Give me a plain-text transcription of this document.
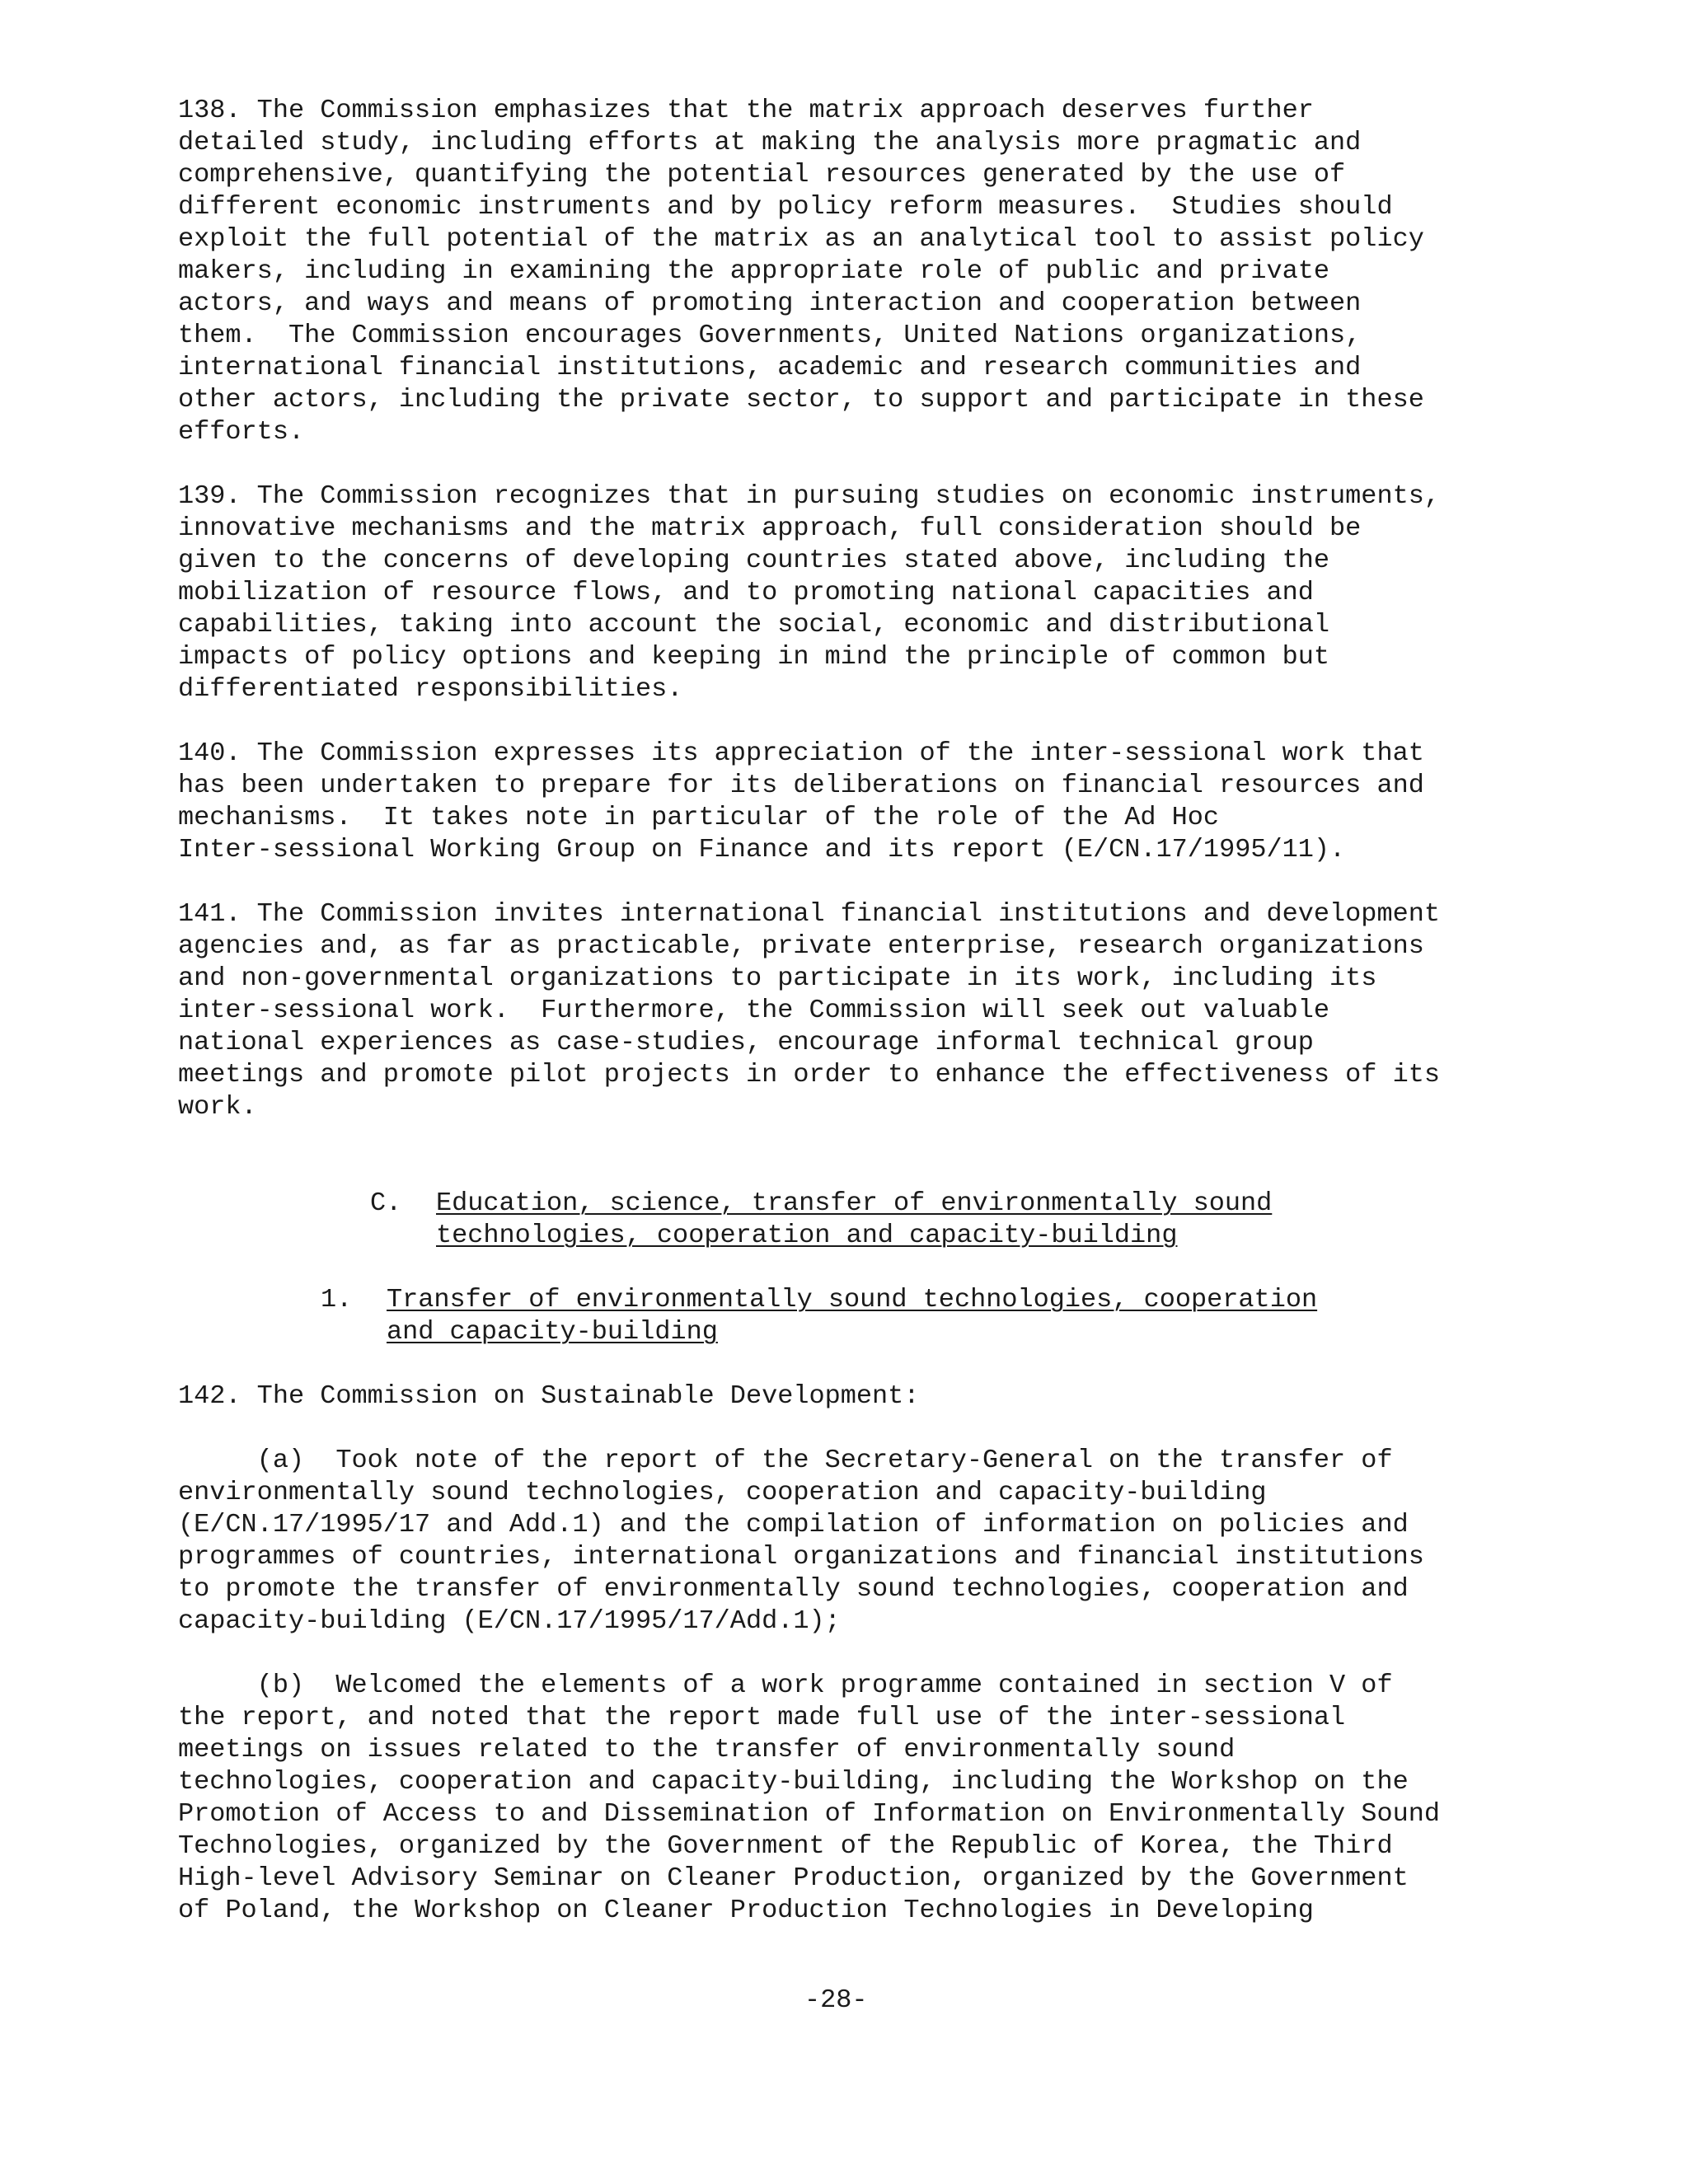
138. The Commission emphasizes that the matrix approach deserves further

detailed study, including efforts at making the analysis more pragmatic and

comprehensive, quantifying the potential resources generated by the use of

different economic instruments and by policy reform measures.  Studies should

exploit the full potential of the matrix as an analytical tool to assist policy

makers, including in examining the appropriate role of public and private

actors, and ways and means of promoting interaction and cooperation between

them.  The Commission encourages Governments, United Nations organizations,

international financial institutions, academic and research communities and

other actors, including the private sector, to support and participate in these

efforts.

139. The Commission recognizes that in pursuing studies on economic instruments,

innovative mechanisms and the matrix approach, full consideration should be

given to the concerns of developing countries stated above, including the

mobilization of resource flows, and to promoting national capacities and

capabilities, taking into account the social, economic and distributional

impacts of policy options and keeping in mind the principle of common but

differentiated responsibilities.

140. The Commission expresses its appreciation of the inter-sessional work that

has been undertaken to prepare for its deliberations on financial resources and

mechanisms.  It takes note in particular of the role of the Ad Hoc

Inter-sessional Working Group on Finance and its report (E/CN.17/1995/11).

141. The Commission invites international financial institutions and development

agencies and, as far as practicable, private enterprise, research organizations

and non-governmental organizations to participate in its work, including its

inter-sessional work.  Furthermore, the Commission will seek out valuable

national experiences as case-studies, encourage informal technical group

meetings and promote pilot projects in order to enhance the effectiveness of its

work.

C. Education, science, transfer of environmentally sound

technologies, cooperation and capacity-building

1. Transfer of environmentally sound technologies, cooperation

and capacity-building

142. The Commission on Sustainable Development:

(a)  Took note of the report of the Secretary-General on the transfer of

environmentally sound technologies, cooperation and capacity-building

(E/CN.17/1995/17 and Add.1) and the compilation of information on policies and

programmes of countries, international organizations and financial institutions

to promote the transfer of environmentally sound technologies, cooperation and

capacity-building (E/CN.17/1995/17/Add.1);

(b)  Welcomed the elements of a work programme contained in section V of

the report, and noted that the report made full use of the inter-sessional

meetings on issues related to the transfer of environmentally sound

technologies, cooperation and capacity-building, including the Workshop on the

Promotion of Access to and Dissemination of Information on Environmentally Sound

Technologies, organized by the Government of the Republic of Korea, the Third

High-level Advisory Seminar on Cleaner Production, organized by the Government

of Poland, the Workshop on Cleaner Production Technologies in Developing

-28-
